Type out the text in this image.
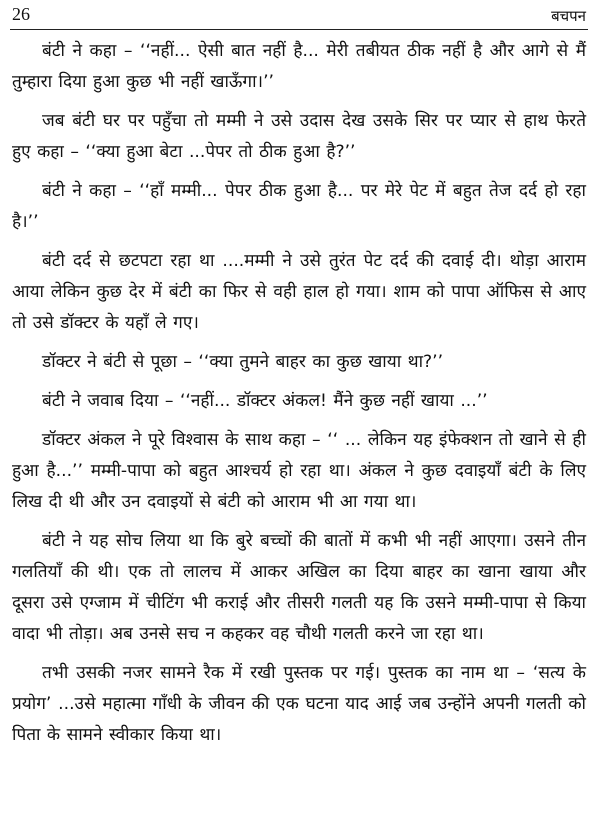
26	बचपन

बंटी ने कहा – ‘‘नहीं... ऐसी बात नहीं है... मेरी तबीयत ठीक नहीं है और आगे से मैं तुम्हारा दिया हुआ कुछ भी नहीं खाऊँगा।’’

जब बंटी घर पर पहुँचा तो मम्मी ने उसे उदास देख उसके सिर पर प्यार से हाथ फेरते हुए कहा – ‘‘क्या हुआ बेटा ...पेपर तो ठीक हुआ है?’’

बंटी ने कहा – ‘‘हाँ मम्मी... पेपर ठीक हुआ है... पर मेरे पेट में बहुत तेज दर्द हो रहा है।’’

बंटी दर्द से छटपटा रहा था ....मम्मी ने उसे तुरंत पेट दर्द की दवाई दी। थोड़ा आराम आया लेकिन कुछ देर में बंटी का फिर से वही हाल हो गया। शाम को पापा ऑफिस से आए तो उसे डॉक्टर के यहाँ ले गए।

डॉक्टर ने बंटी से पूछा – ‘‘क्या तुमने बाहर का कुछ खाया था?’’

बंटी ने जवाब दिया – ‘‘नहीं... डॉक्टर अंकल! मैंने कुछ नहीं खाया ...’’

डॉक्टर अंकल ने पूरे विश्वास के साथ कहा – ‘‘ ... लेकिन यह इंफेक्शन तो खाने से ही हुआ है...’’ मम्मी-पापा को बहुत आश्चर्य हो रहा था। अंकल ने कुछ दवाइयाँ बंटी के लिए लिख दी थी और उन दवाइयों से बंटी को आराम भी आ गया था।

बंटी ने यह सोच लिया था कि बुरे बच्चों की बातों में कभी भी नहीं आएगा। उसने तीन गलतियाँ की थी। एक तो लालच में आकर अखिल का दिया बाहर का खाना खाया और दूसरा उसे एग्जाम में चीटिंग भी कराई और तीसरी गलती यह कि उसने मम्मी-पापा से किया वादा भी तोड़ा। अब उनसे सच न कहकर वह चौथी गलती करने जा रहा था।

तभी उसकी नजर सामने रैक में रखी पुस्तक पर गई। पुस्तक का नाम था – ‘सत्य के प्रयोग’ ...उसे महात्मा गाँधी के जीवन की एक घटना याद आई जब उन्होंने अपनी गलती को पिता के सामने स्वीकार किया था।
